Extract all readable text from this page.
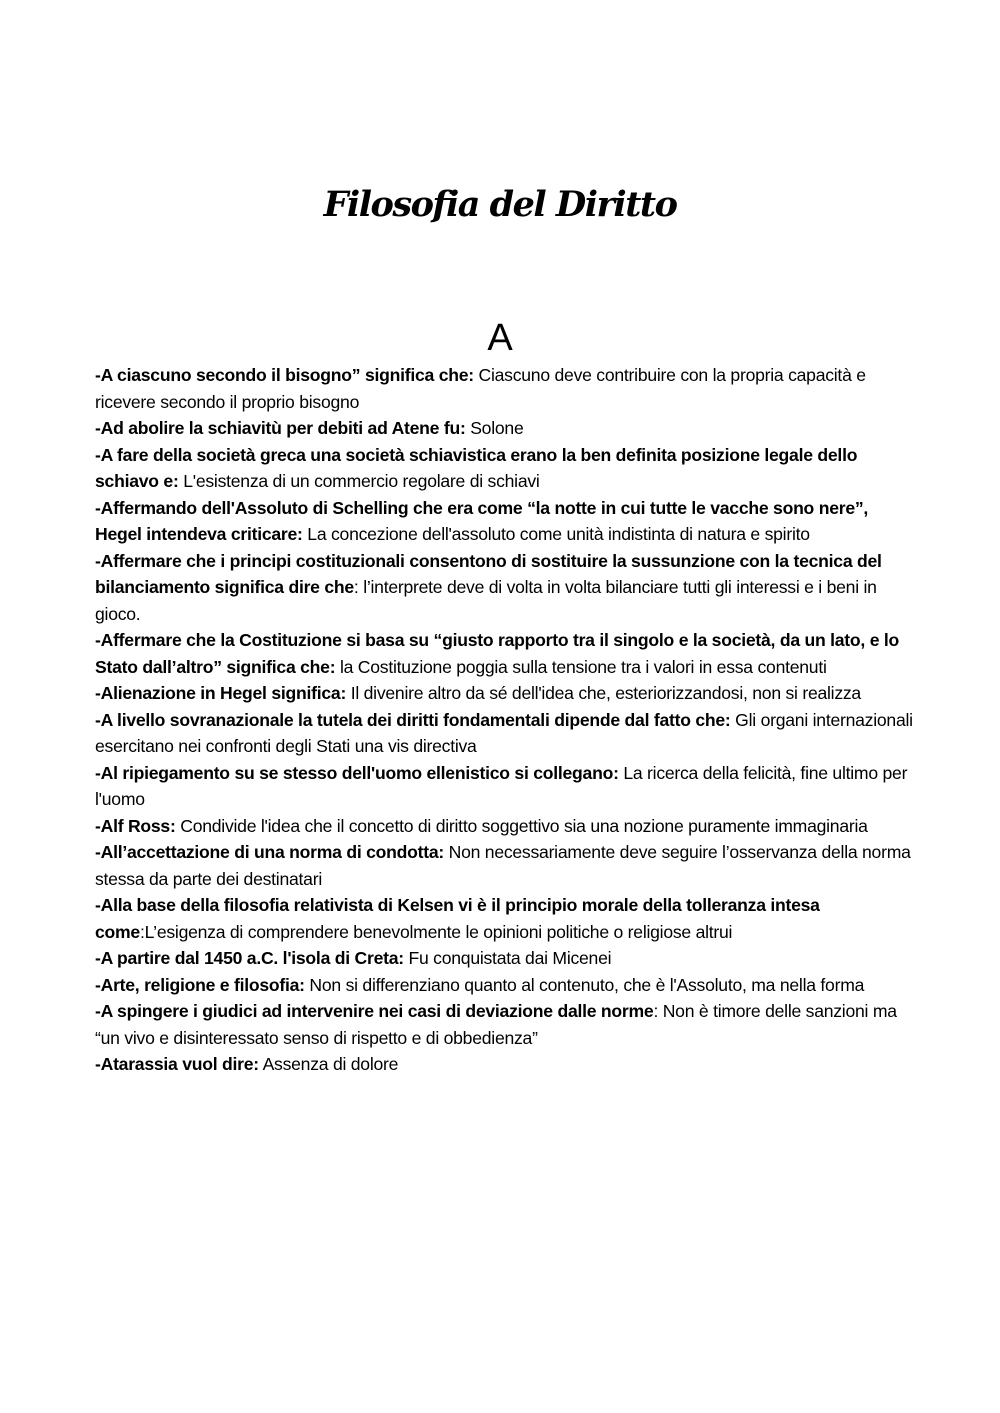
Filosofia del Diritto
A
-A ciascuno secondo il bisogno” significa che: Ciascuno deve contribuire con la propria capacità e ricevere secondo il proprio bisogno
-Ad abolire la schiavitù per debiti ad Atene fu: Solone
-A fare della società greca una società schiavistica erano la ben definita posizione legale dello schiavo e: L'esistenza di un commercio regolare di schiavi
-Affermando dell'Assoluto di Schelling che era come “la notte in cui tutte le vacche sono nere”, Hegel intendeva criticare: La concezione dell'assoluto come unità indistinta di natura e spirito
-Affermare che i principi costituzionali consentono di sostituire la sussunzione con la tecnica del bilanciamento significa dire che: l’interprete deve di volta in volta bilanciare tutti gli interessi e i beni in gioco.
-Affermare che la Costituzione si basa su “giusto rapporto tra il singolo e la società, da un lato, e lo Stato dall’altro” significa che: la Costituzione poggia sulla tensione tra i valori in essa contenuti
-Alienazione in Hegel significa: Il divenire altro da sé dell'idea che, esteriorizzandosi, non si realizza
-A livello sovranazionale la tutela dei diritti fondamentali dipende dal fatto che: Gli organi internazionali esercitano nei confronti degli Stati una vis directiva
-Al ripiegamento su se stesso dell'uomo ellenistico si collegano: La ricerca della felicità, fine ultimo per l'uomo
-Alf Ross: Condivide l'idea che il concetto di diritto soggettivo sia una nozione puramente immaginaria
-All’accettazione di una norma di condotta: Non necessariamente deve seguire l’osservanza della norma stessa da parte dei destinatari
-Alla base della filosofia relativista di Kelsen vi è il principio morale della tolleranza intesa come:L’esigenza di comprendere benevolmente le opinioni politiche o religiose altrui
-A partire dal 1450 a.C. l'isola di Creta: Fu conquistata dai Micenei
-Arte, religione e filosofia: Non si differenziano quanto al contenuto, che è l'Assoluto, ma nella forma
-A spingere i giudici ad intervenire nei casi di deviazione dalle norme: Non è timore delle sanzioni ma “un vivo e disinteressato senso di rispetto e di obbedienza”
-Atarassia vuol dire: Assenza di dolore
